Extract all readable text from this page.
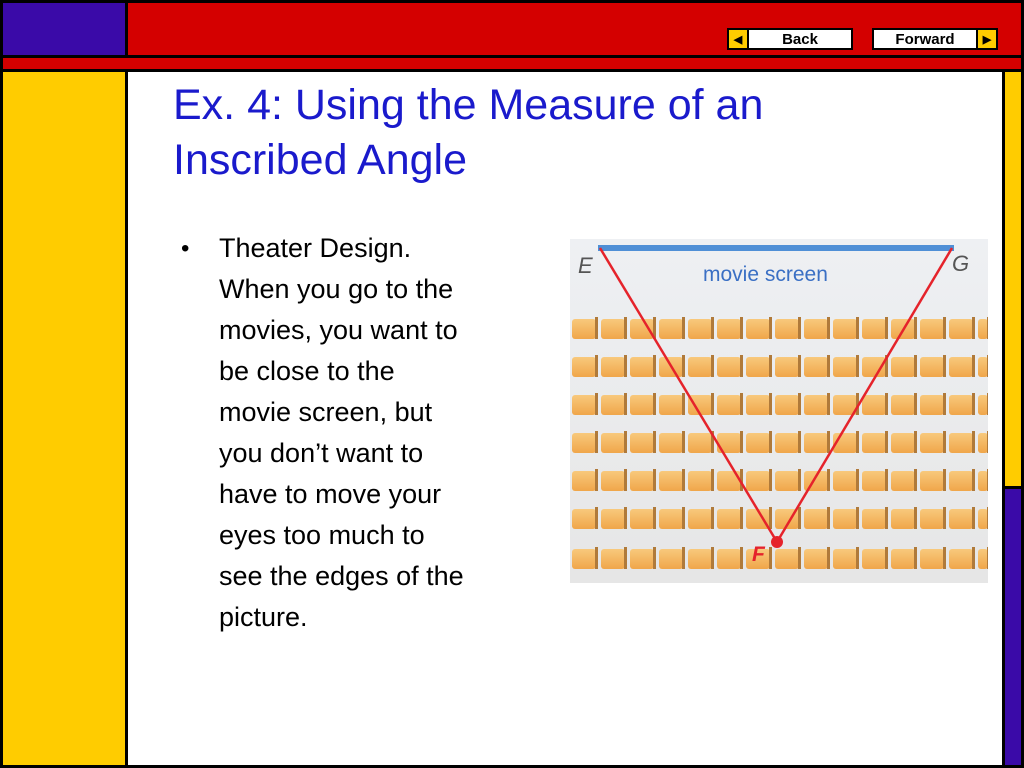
◀	Back	Forward	▶
Ex. 4: Using the Measure of an
Inscribed Angle
•	Theater Design.
When you go to the
movies, you want to
be close to the
movie screen, but
you don’t want to
have to move your
eyes too much to
see the edges of the
picture.
movie screen
E	G
F
